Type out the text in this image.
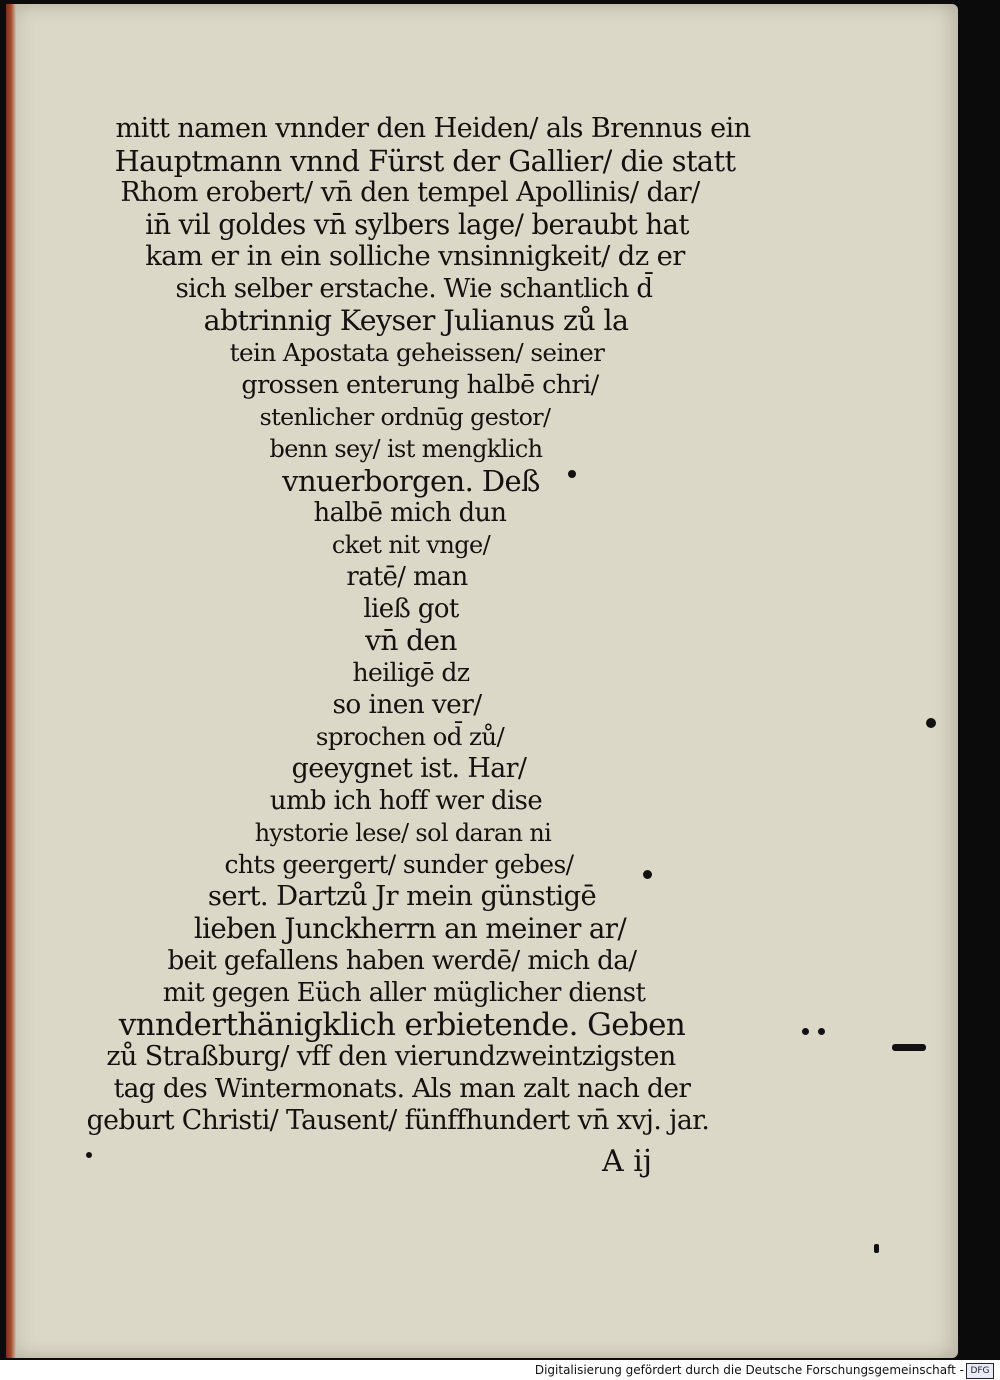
mitt namen vnnder den Heiden/ als Brennus ein
Hauptmann vnnd Fürst der Gallier/ die statt
Rhom erobert/ vn̄ den tempel Apollinis/ dar/
in̄ vil goldes vn̄ sylbers lage/ beraubt hat
kam er in ein solliche vnsinnigkeit/ dz er
sich selber erstache. Wie schantlich d̄
abtrinnig Keyser Julianus zů la
tein Apostata geheissen/ seiner
grossen enterung halbē chri/
stenlicher ordnūg gestor/
benn sey/ ist mengklich
vnuerborgen. Deß
halbē mich dun
cket nit vnge/
ratē/ man
ließ got
vn̄ den
heiligē dz
so inen ver/
sprochen od̄ zů/
geeygnet ist. Har/
umb ich hoff wer dise
hystorie lese/ sol daran ni
chts geergert/ sunder gebes/
sert. Dartzů Jr mein günstigē
lieben Junckherrn an meiner ar/
beit gefallens haben werdē/ mich da/
mit gegen Eüch aller müglicher dienst
vnnderthänigklich erbietende. Geben
zů Straßburg/ vff den vierundzweintzigsten
tag des Wintermonats. Als man zalt nach der
geburt Christi/ Tausent/ fünffhundert vn̄ xvj. jar.
A ij
Digitalisierung gefördert durch die Deutsche Forschungsgemeinschaft - DFG
